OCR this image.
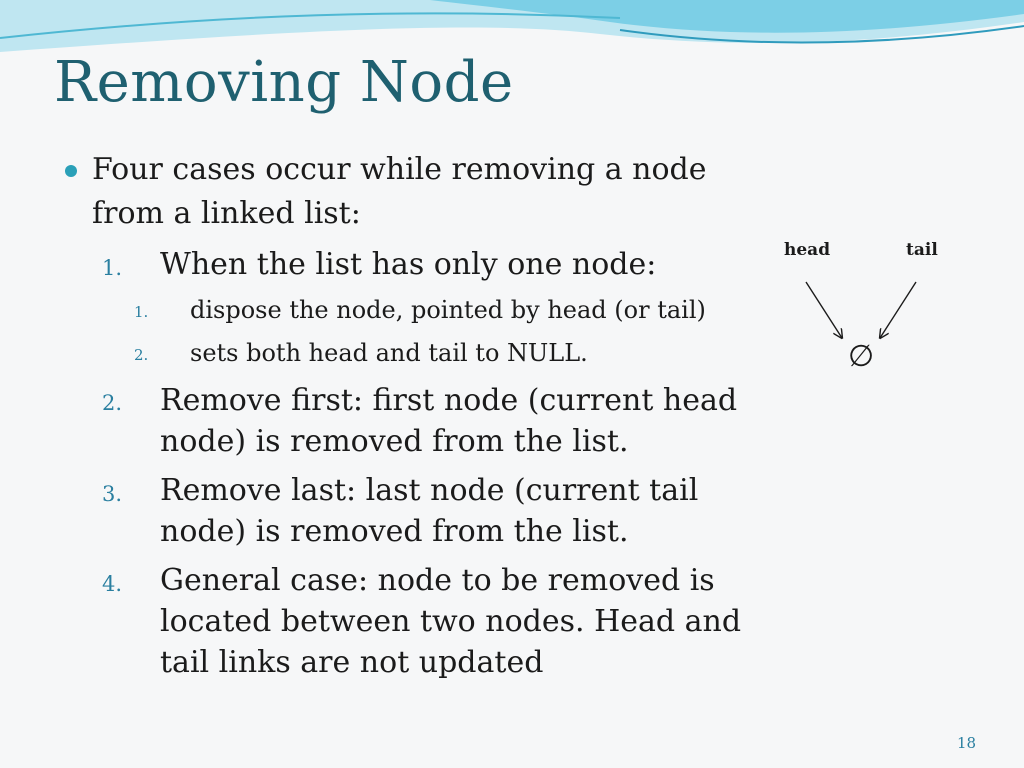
Removing Node
Four cases occur while removing a node
from a linked list:
1. When the list has only one node:
1. dispose the node, pointed by head (or tail)
2. sets both head and tail to NULL.
2. Remove first: first node (current head
node) is removed from the list.
3. Remove last: last node (current tail
node) is removed from the list.
4. General case: node to be removed is
located between two nodes. Head and
tail links are not updated
head	tail
∅
18
